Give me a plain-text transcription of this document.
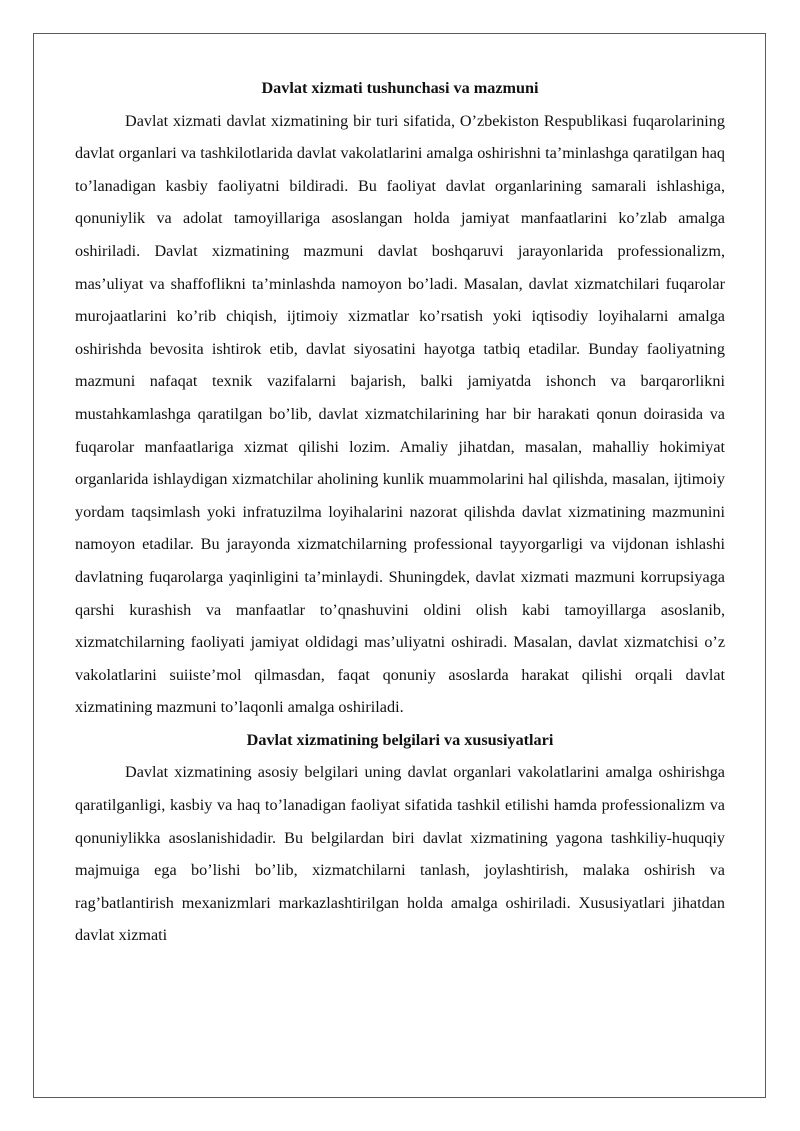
Davlat xizmati tushunchasi va mazmuni

Davlat xizmati davlat xizmatining bir turi sifatida, O’zbekiston Respublikasi fuqarolarining davlat organlari va tashkilotlarida davlat vakolatlarini amalga oshirishni ta’minlashga qaratilgan haq to’lanadigan kasbiy faoliyatni bildiradi. Bu faoliyat davlat organlarining samarali ishlashiga, qonuniylik va adolat tamoyillariga asoslangan holda jamiyat manfaatlarini ko’zlab amalga oshiriladi. Davlat xizmatining mazmuni davlat boshqaruvi jarayonlarida professionalizm, mas’uliyat va shaffoflikni ta’minlashda namoyon bo’ladi. Masalan, davlat xizmatchilari fuqarolar murojaatlarini ko’rib chiqish, ijtimoiy xizmatlar ko’rsatish yoki iqtisodiy loyihalarni amalga oshirishda bevosita ishtirok etib, davlat siyosatini hayotga tatbiq etadilar. Bunday faoliyatning mazmuni nafaqat texnik vazifalarni bajarish, balki jamiyatda ishonch va barqarorlikni mustahkamlashga qaratilgan bo’lib, davlat xizmatchilarining har bir harakati qonun doirasida va fuqarolar manfaatlariga xizmat qilishi lozim. Amaliy jihatdan, masalan, mahalliy hokimiyat organlarida ishlaydigan xizmatchilar aholining kunlik muammolarini hal qilishda, masalan, ijtimoiy yordam taqsimlash yoki infratuzilma loyihalarini nazorat qilishda davlat xizmatining mazmunini namoyon etadilar. Bu jarayonda xizmatchilarning professional tayyorgarligi va vijdonan ishlashi davlatning fuqarolarga yaqinligini ta’minlaydi. Shuningdek, davlat xizmati mazmuni korrupsiyaga qarshi kurashish va manfaatlar to’qnashuvini oldini olish kabi tamoyillarga asoslanib, xizmatchilarning faoliyati jamiyat oldidagi mas’uliyatni oshiradi. Masalan, davlat xizmatchisi o’z vakolatlarini suiiste’mol qilmasdan, faqat qonuniy asoslarda harakat qilishi orqali davlat xizmatining mazmuni to’laqonli amalga oshiriladi.

Davlat xizmatining belgilari va xususiyatlari

Davlat xizmatining asosiy belgilari uning davlat organlari vakolatlarini amalga oshirishga qaratilganligi, kasbiy va haq to’lanadigan faoliyat sifatida tashkil etilishi hamda professionalizm va qonuniylikka asoslanishidadir. Bu belgilardan biri davlat xizmatining yagona tashkiliy-huquqiy majmuiga ega bo’lishi bo’lib, xizmatchilarni tanlash, joylashtirish, malaka oshirish va rag’batlantirish mexanizmlari markazlashtirilgan holda amalga oshiriladi. Xususiyatlari jihatdan davlat xizmati
